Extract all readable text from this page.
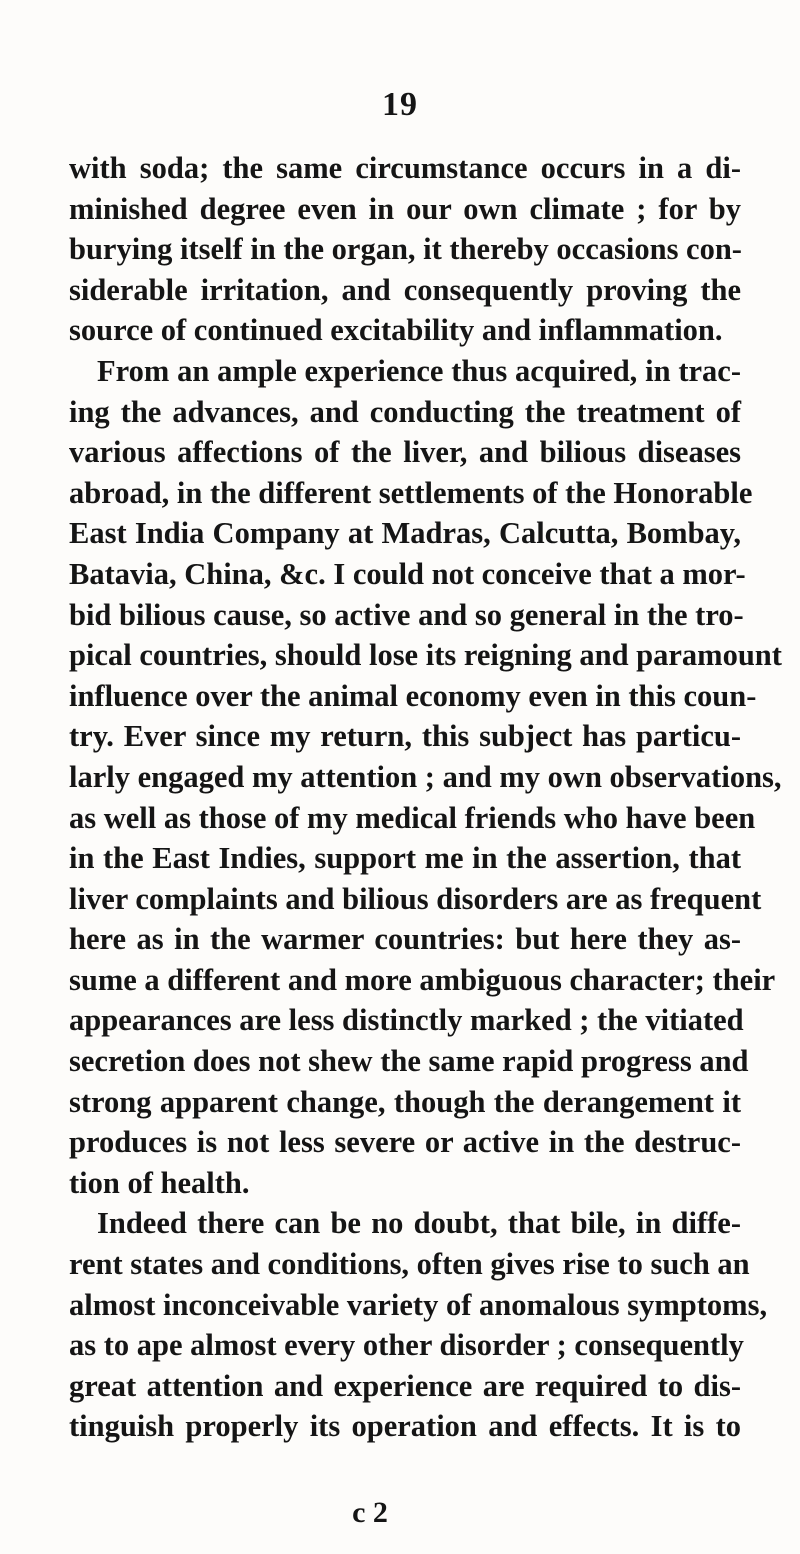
19
with soda; the same circumstance occurs in a di-
minished degree even in our own climate ; for by
burying itself in the organ, it thereby occasions con-
siderable irritation, and consequently proving the
source of continued excitability and inflammation.
From an ample experience thus acquired, in trac-
ing the advances, and conducting the treatment of
various affections of the liver, and bilious diseases
abroad, in the different settlements of the Honorable
East India Company at Madras, Calcutta, Bombay,
Batavia, China, &c. I could not conceive that a mor-
bid bilious cause, so active and so general in the tro-
pical countries, should lose its reigning and paramount
influence over the animal economy even in this coun-
try. Ever since my return, this subject has particu-
larly engaged my attention ; and my own observations,
as well as those of my medical friends who have been
in the East Indies, support me in the assertion, that
liver complaints and bilious disorders are as frequent
here as in the warmer countries: but here they as-
sume a different and more ambiguous character; their
appearances are less distinctly marked ; the vitiated
secretion does not shew the same rapid progress and
strong apparent change, though the derangement it
produces is not less severe or active in the destruc-
tion of health.
Indeed there can be no doubt, that bile, in diffe-
rent states and conditions, often gives rise to such an
almost inconceivable variety of anomalous symptoms,
as to ape almost every other disorder ; consequently
great attention and experience are required to dis-
tinguish properly its operation and effects. It is to
c 2
